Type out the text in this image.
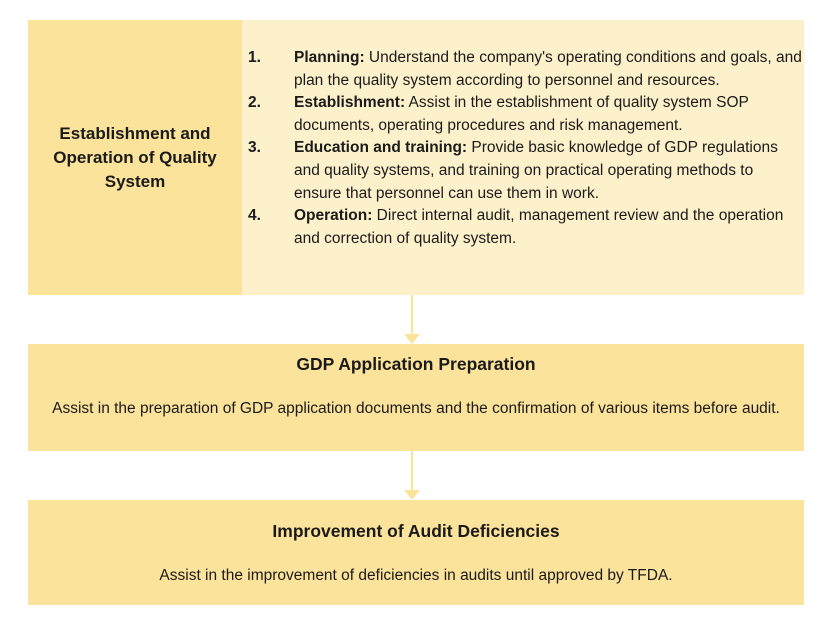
Establishment and Operation of Quality System
1.	Planning: Understand the company's operating conditions and goals, and plan the quality system according to personnel and resources.
2.	Establishment: Assist in the establishment of quality system SOP documents, operating procedures and risk management.
3.	Education and training: Provide basic knowledge of GDP regulations and quality systems, and training on practical operating methods to ensure that personnel can use them in work.
4.	Operation: Direct internal audit, management review and the operation and correction of quality system.
GDP Application Preparation
Assist in the preparation of GDP application documents and the confirmation of various items before audit.
Improvement of Audit Deficiencies
Assist in the improvement of deficiencies in audits until approved by TFDA.
